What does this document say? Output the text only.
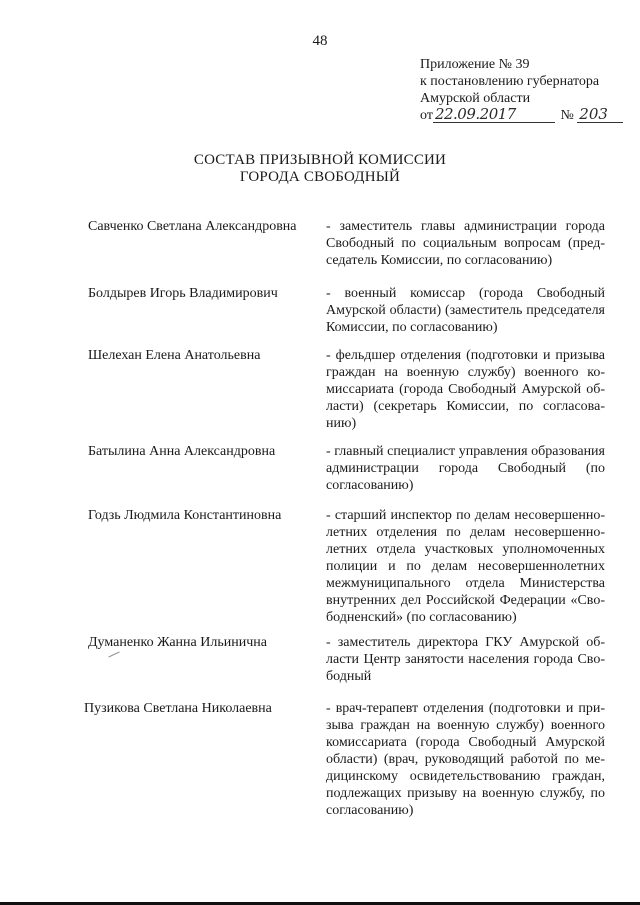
48
Приложение № 39
к постановлению губернатора
Амурской области
от 22.09.2017	№ 203
СОСТАВ ПРИЗЫВНОЙ КОМИССИИ
ГОРОДА СВОБОДНЫЙ
Савченко Светлана Александровна	- заместитель главы администрации города Свободный по социальным вопросам (председатель Комиссии, по согласованию)
Болдырев Игорь Владимирович	- военный комиссар (города Свободный Амурской области) (заместитель председателя Комиссии, по согласованию)
Шелехан Елена Анатольевна	- фельдшер отделения (подготовки и призыва граждан на военную службу) военного комиссариата (города Свободный Амурской области) (секретарь Комиссии, по согласованию)
Батылина Анна Александровна	- главный специалист управления образования администрации города Свободный (по согласованию)
Годзь Людмила Константиновна	- старший инспектор по делам несовершеннолетних отделения по делам несовершеннолетних отдела участковых уполномоченных полиции и по делам несовершеннолетних межмуниципального отдела Министерства внутренних дел Российской Федерации «Свободненский» (по согласованию)
Думаненко Жанна Ильинична	- заместитель директора ГКУ Амурской области Центр занятости населения города Свободный
Пузикова Светлана Николаевна	- врач-терапевт отделения (подготовки и призыва граждан на военную службу) военного комиссариата (города Свободный Амурской области) (врач, руководящий работой по медицинскому освидетельствованию граждан, подлежащих призыву на военную службу, по согласованию)
